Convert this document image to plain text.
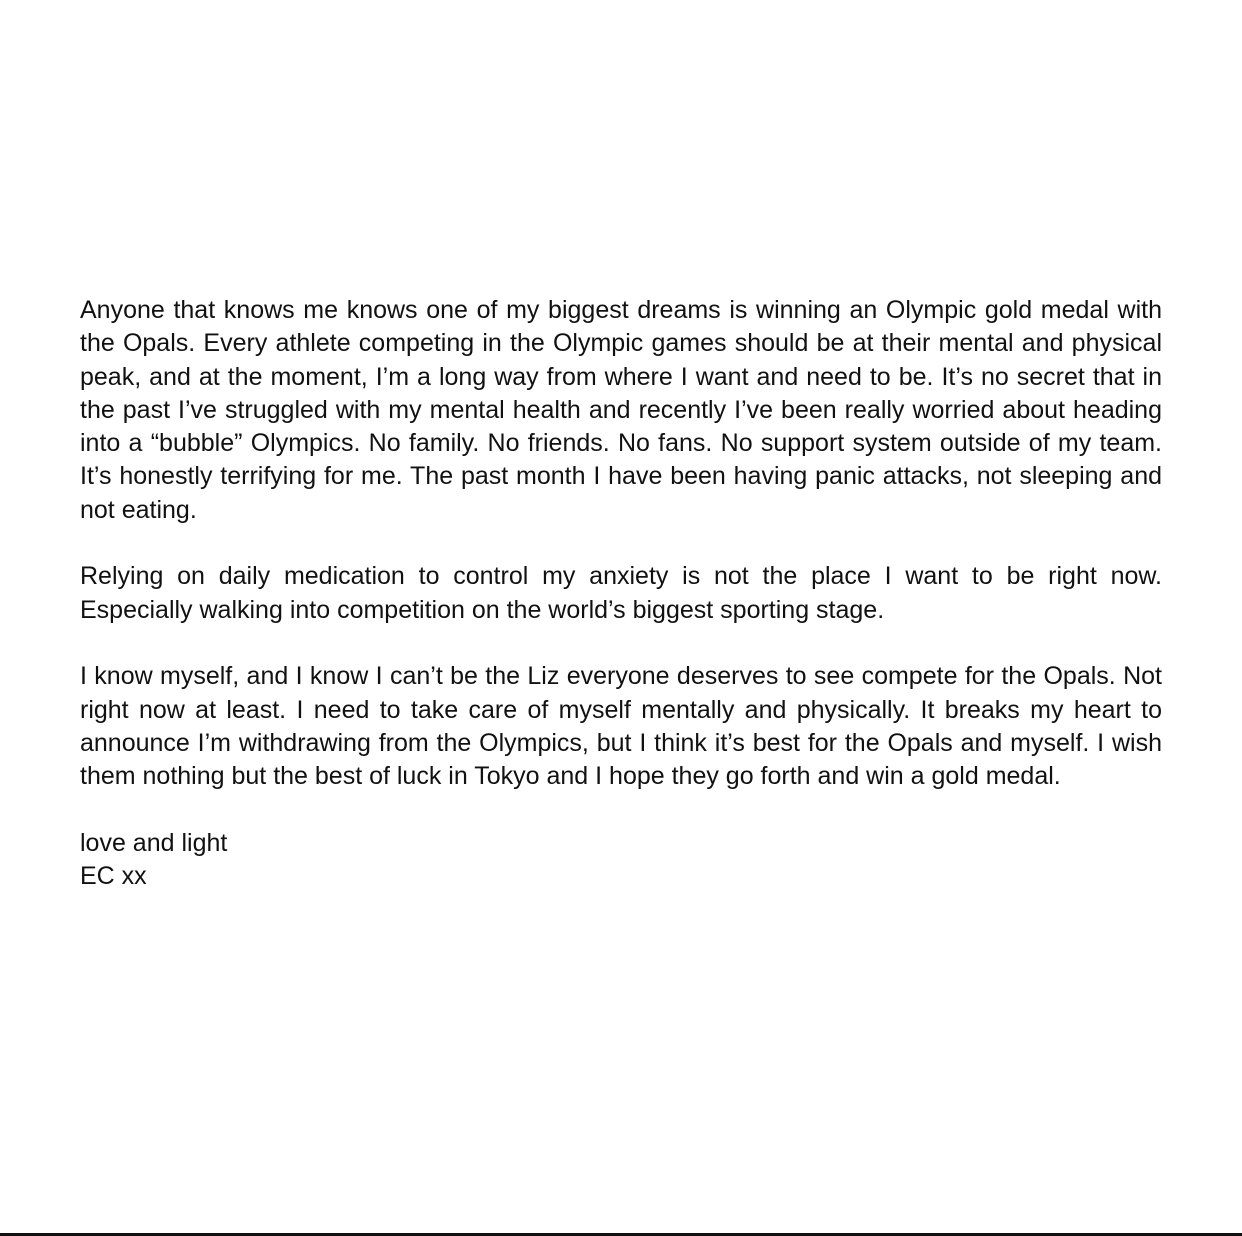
Anyone that knows me knows one of my biggest dreams is winning an Olympic gold medal with the Opals. Every athlete competing in the Olympic games should be at their mental and physical peak, and at the moment, I’m a long way from where I want and need to be. It’s no secret that in the past I’ve struggled with my mental health and recently I’ve been really worried about heading into a “bubble” Olympics. No family. No friends. No fans. No support system outside of my team. It’s honestly terrifying for me. The past month I have been having panic attacks, not sleeping and not eating.

Relying on daily medication to control my anxiety is not the place I want to be right now. Especially walking into competition on the world’s biggest sporting stage.

I know myself, and I know I can’t be the Liz everyone deserves to see compete for the Opals. Not right now at least. I need to take care of myself mentally and physically. It breaks my heart to announce I’m withdrawing from the Olympics, but I think it’s best for the Opals and myself. I wish them nothing but the best of luck in Tokyo and I hope they go forth and win a gold medal.

love and light
EC xx
